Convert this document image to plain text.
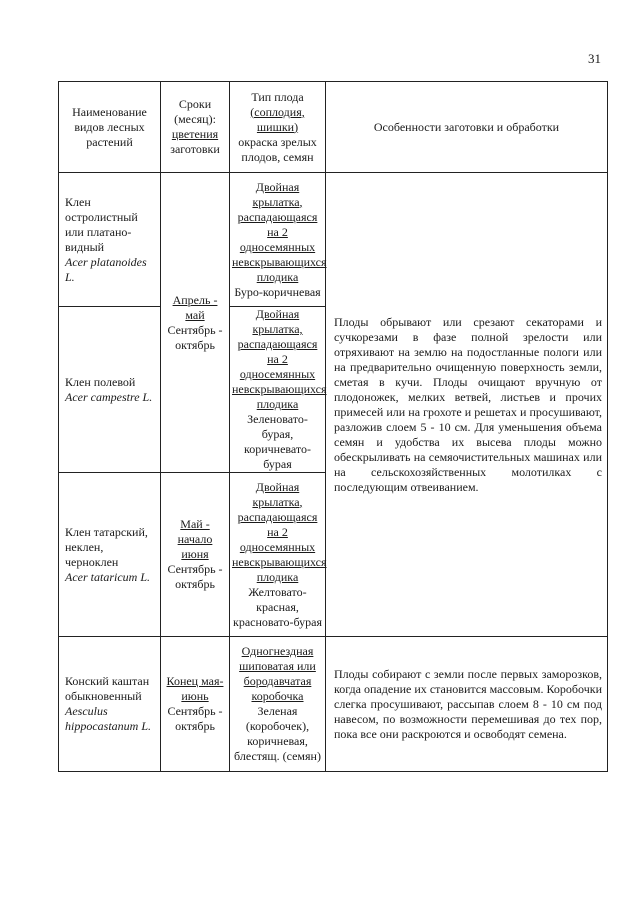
31
Наименование видов лесных растений	Сроки (месяц):
цветения
заготовки	Тип плода
(соплодия,
шишки)
окраска зрелых плодов, семян	Особенности заготовки и обработки

Клен остролистный или платано-видный
Acer platanoides L.	Апрель - май
Сентябрь - октябрь	Двойная крылатка, распадающаяся на 2 односемянных невскрывающихся плодика
Буро-коричневая	Плоды обрывают или срезают секаторами и сучкорезами в фазе полной зрелости или отряхивают на землю на подостланные пологи или на предварительно очищенную поверхность земли, сметая в кучи. Плоды очищают вручную от плодоножек, мелких ветвей, листьев и прочих примесей или на грохоте и решетах и просушивают, разложив слоем 5 - 10 см. Для уменьшения объема семян и удобства их высева плоды можно обескрыливать на семяочистительных машинах или на сельскохозяйственных молотилках с последующим отвеиванием.

Клен полевой
Acer campestre L.		Двойная крылатка, распадающаяся на 2 односемянных невскрывающихся плодика
Зеленовато-бурая, коричневато-бурая	

Клен татарский, неклен, черноклен
Acer tataricum L.	Май - начало июня
Сентябрь - октябрь	Двойная крылатка, распадающаяся на 2 односемянных невскрывающихся плодика
Желтовато-красная, красновато-бурая	

Конский каштан обыкновенный
Aesculus hippocastanum L.	Конец мая-июнь
Сентябрь - октябрь	Одногнездная шиповатая или бородавчатая коробочка
Зеленая (коробочек), коричневая, блестящ. (семян)	Плоды собирают с земли после первых заморозков, когда опадение их становится массовым. Коробочки слегка просушивают, рассыпав слоем 8 - 10 см под навесом, по возможности перемешивая до тех пор, пока все они раскроются и освободят семена.
